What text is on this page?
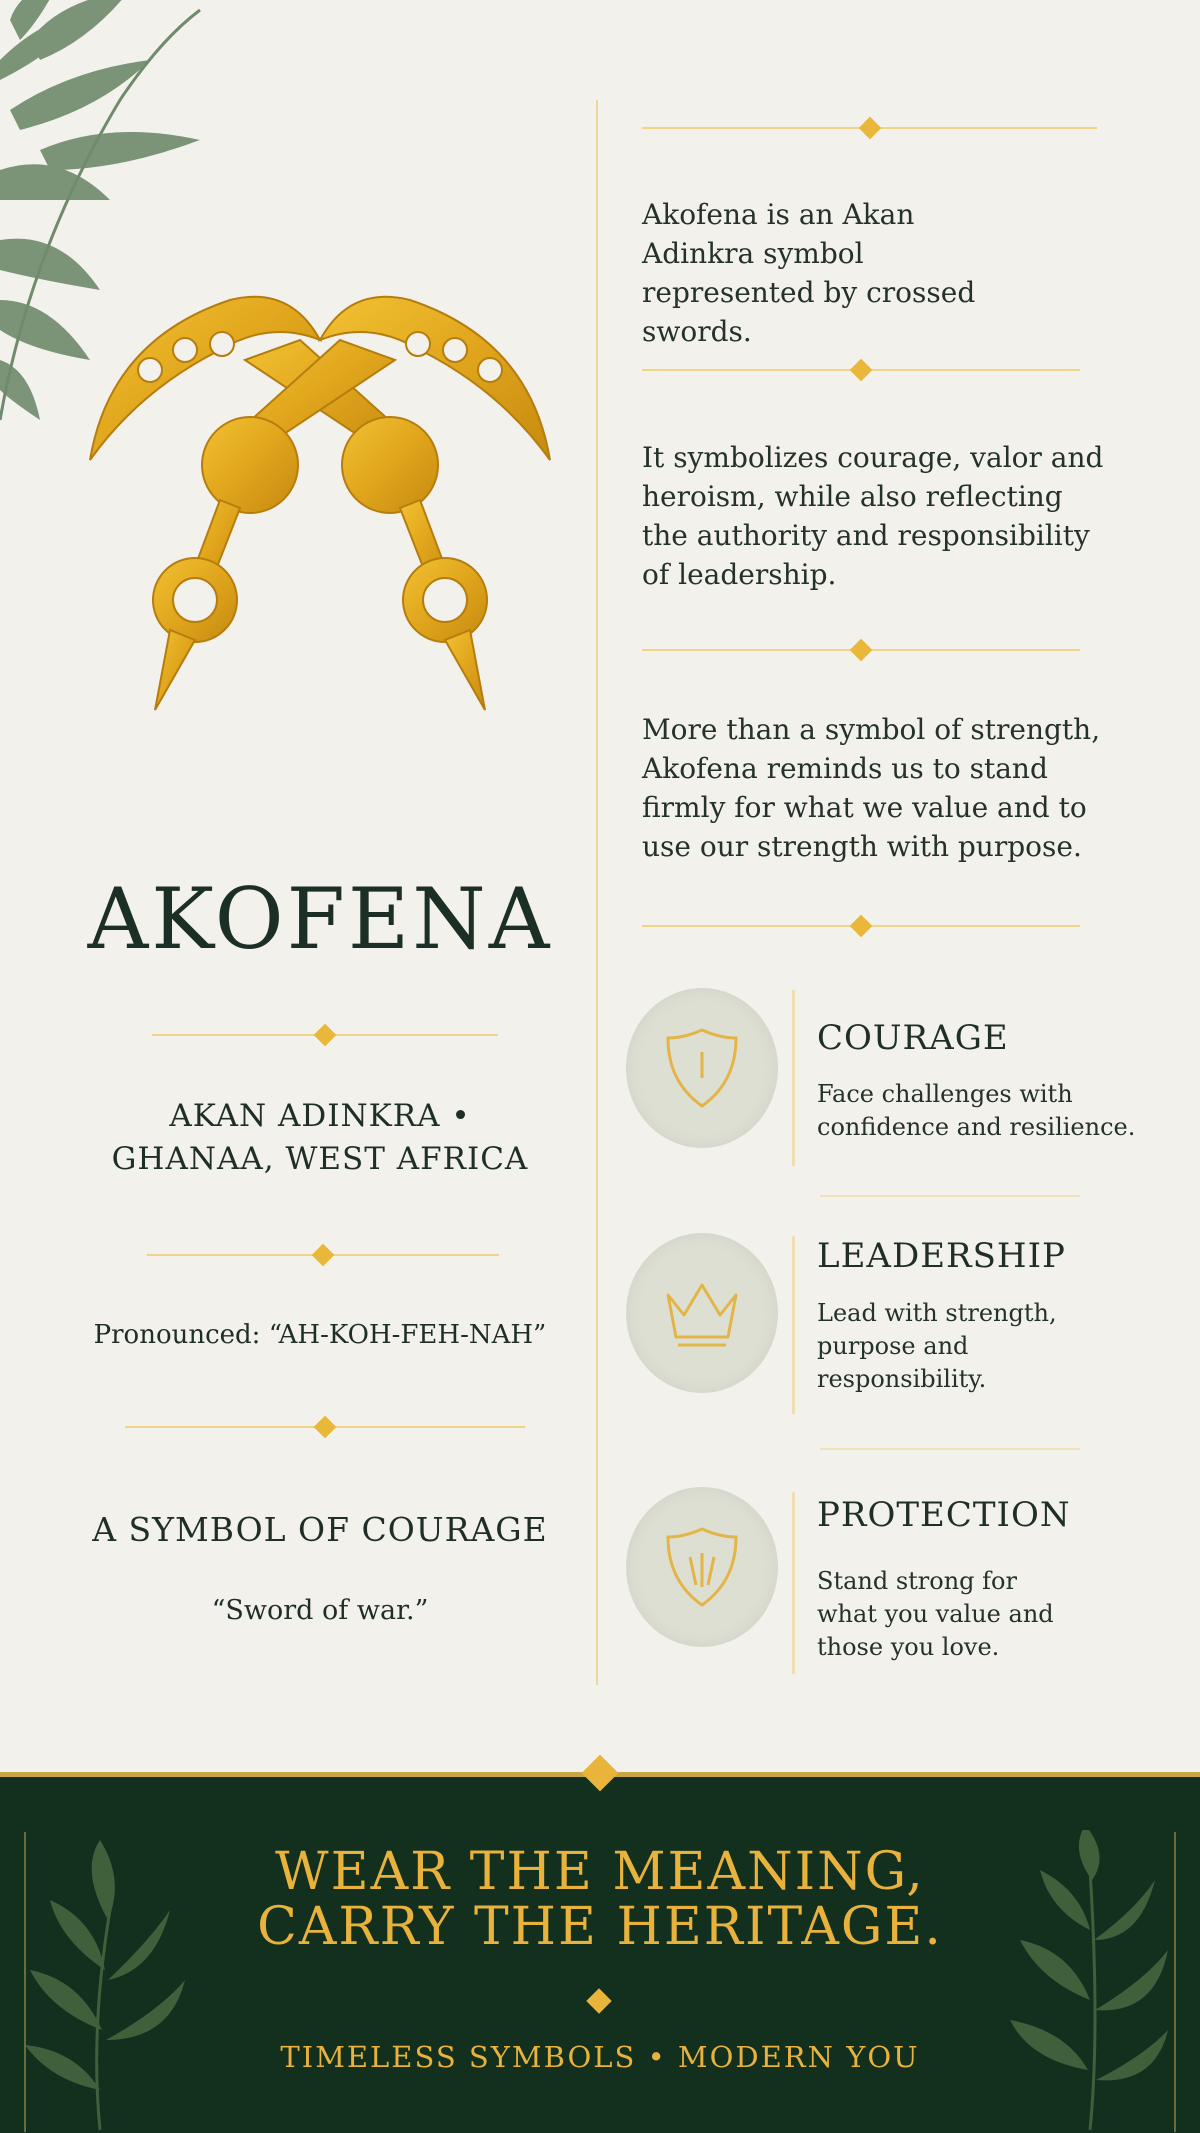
AKOFENA
AKAN ADINKRA •
GHANAA, WEST AFRICA
Pronounced: “AH-KOH-FEH-NAH”
A SYMBOL OF COURAGE
“Sword of war.”
Akofena is an Akan Adinkra symbol represented by crossed swords.
It symbolizes courage, valor and heroism, while also reflecting the authority and responsibility of leadership.
More than a symbol of strength, Akofena reminds us to stand firmly for what we value and to use our strength with purpose.
COURAGE
Face challenges with confidence and resilience.
LEADERSHIP
Lead with strength, purpose and responsibility.
PROTECTION
Stand strong for what you value and those you love.
WEAR THE MEANING,
CARRY THE HERITAGE.
TIMELESS SYMBOLS • MODERN YOU
